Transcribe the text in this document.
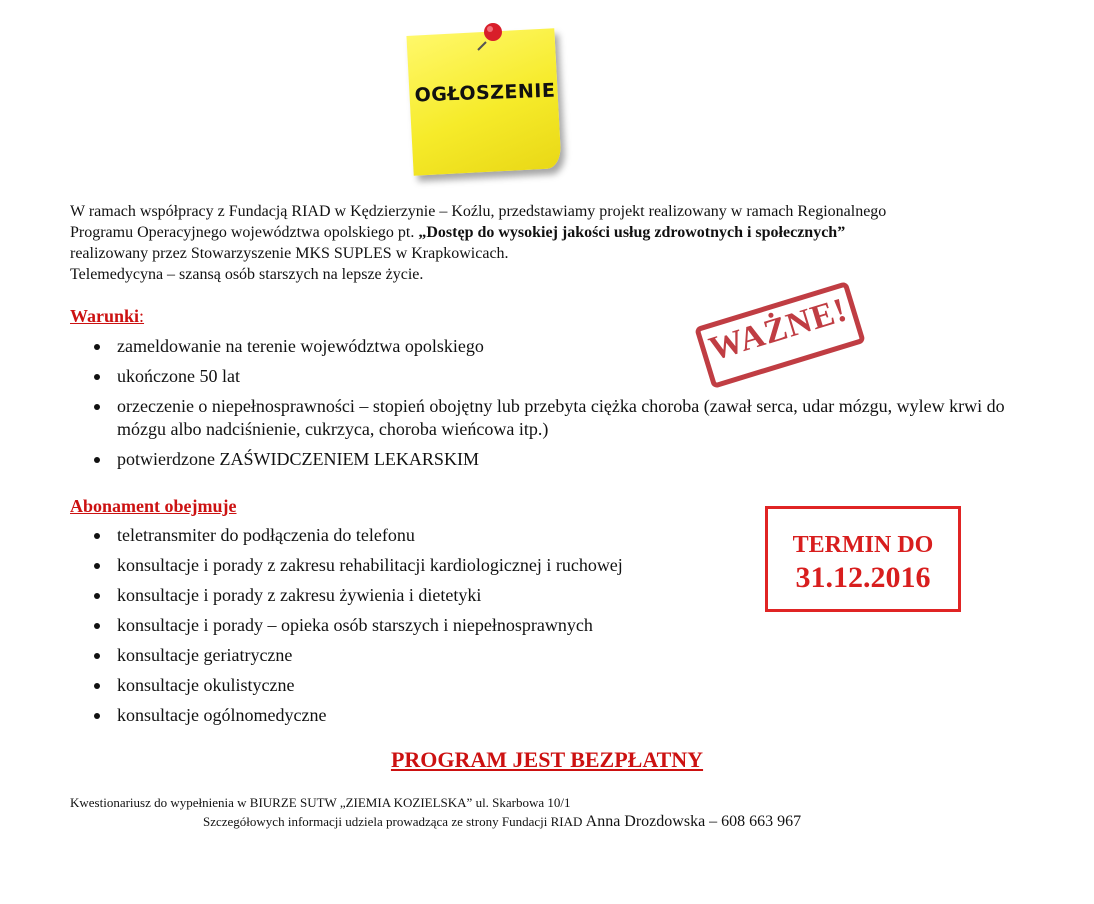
OGŁOSZENIE

W ramach współpracy z Fundacją RIAD w Kędzierzynie – Koźlu, przedstawiamy projekt realizowany w ramach Regionalnego

Programu Operacyjnego województwa opolskiego pt. „Dostęp do wysokiej jakości usług zdrowotnych i społecznych”

realizowany przez Stowarzyszenie MKS SUPLES w Krapkowicach.

Telemedycyna – szansą osób starszych na lepsze życie.

Warunki:
zameldowanie na terenie województwa opolskiego
ukończone 50 lat
orzeczenie o niepełnosprawności – stopień obojętny lub przebyta ciężka choroba (zawał serca, udar mózgu, wylew krwi do mózgu albo nadciśnienie, cukrzyca, choroba wieńcowa itp.)
potwierdzone ZAŚWIDCZENIEM LEKARSKIM
WAŻNE!
Abonament obejmuje
teletransmiter do podłączenia do telefonu
konsultacje i porady z zakresu rehabilitacji kardiologicznej i ruchowej
konsultacje i porady z zakresu żywienia i dietetyki
konsultacje i porady – opieka osób starszych i niepełnosprawnych
konsultacje geriatryczne
konsultacje okulistyczne
konsultacje ogólnomedyczne
TERMIN DO
31.12.2016
PROGRAM JEST BEZPŁATNY
Kwestionariusz do wypełnienia w BIURZE SUTW „ZIEMIA KOZIELSKA” ul. Skarbowa 10/1
Szczegółowych informacji udziela prowadząca ze strony Fundacji RIAD Anna Drozdowska – 608 663 967
